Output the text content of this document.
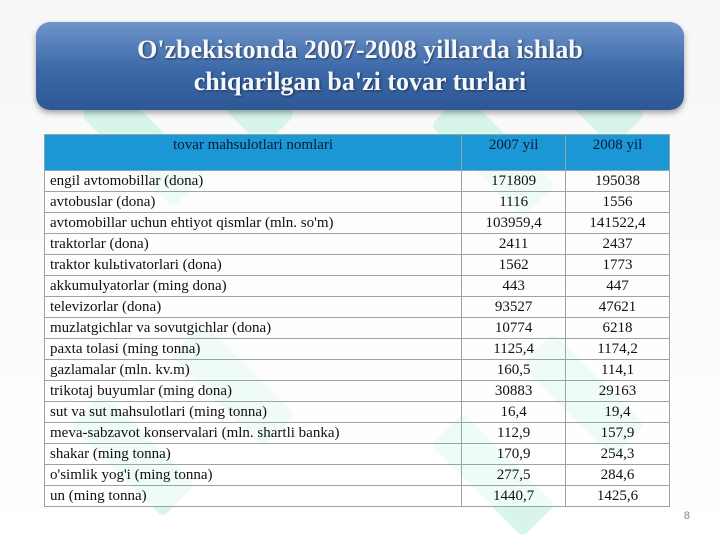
O'zbekistonda 2007-2008 yillarda ishlab chiqarilgan ba'zi tovar turlari
tovar mahsulotlari nomlari	2007 yil	2008 yil
engil avtomobillar (dona)	171809	195038
avtobuslar (dona)	1116	1556
avtomobillar uchun ehtiyot qismlar (mln. so'm)	103959,4	141522,4
traktorlar (dona)	2411	2437
traktor kulьtivatorlari (dona)	1562	1773
akkumulyatorlar (ming dona)	443	447
televizorlar (dona)	93527	47621
muzlatgichlar va sovutgichlar (dona)	10774	6218
paxta tolasi (ming tonna)	1125,4	1174,2
gazlamalar (mln. kv.m)	160,5	114,1
trikotaj buyumlar (ming dona)	30883	29163
sut va sut mahsulotlari (ming tonna)	16,4	19,4
meva-sabzavot konservalari (mln. shartli banka)	112,9	157,9
shakar (ming tonna)	170,9	254,3
o'simlik yog'i (ming tonna)	277,5	284,6
un (ming tonna)	1440,7	1425,6
8
